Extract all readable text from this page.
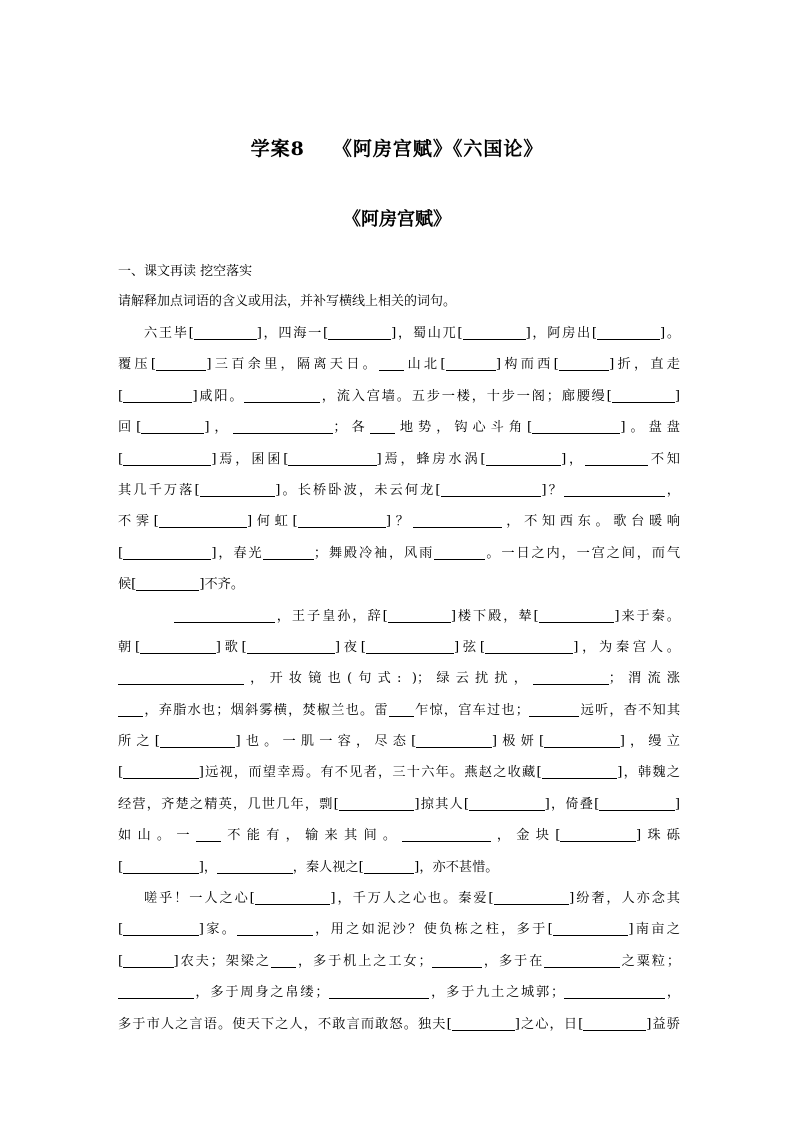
学案8 《阿房宫赋》《六国论》
《阿房宫赋》
一、课文再读 挖空落实
请解释加点词语的含义或用法，并补写横线上相关的词句。
六王毕[	]，四海一[	]，蜀山兀[	]，阿房出[	]。
覆压[	]三百余里，隔离天日。 山北[	]构而西[	]折，直走
[	]咸阳。	，流入宫墙。五步一楼，十步一阁；廊腰缦[	]
回[	]，	；各 地势，钩心斗角[	]。盘盘
[	]焉，囷囷[	]焉，蜂房水涡[	]，	不知
其几千万落[	]。长桥卧波，未云何龙[	]？	，
不霁[	]何虹[	]？	，不知西东。歌台暖响
[	]，春光	；舞殿冷袖，风雨	。一日之内，一宫之间，而气
候[	]不齐。
，王子皇孙，辞[	]楼下殿，辇[	]来于秦。
朝[	]歌[	]夜[	]弦[	]，为秦宫人。
，开妆镜也(句式: )；绿云扰扰，	；渭流涨
，弃脂水也；烟斜雾横，焚椒兰也。雷 乍惊，宫车过也；	远听，杳不知其
所之[	]也。一肌一容，尽态[	]极妍[	]，缦立
[	]远视，而望幸焉。有不见者，三十六年。燕赵之收藏[	]，韩魏之
经营，齐楚之精英，几世几年，剽[	]掠其人[	]，倚叠[	]
如山。一 不能有，输来其间。	，金块[	]珠砾
[	]，	，秦人视之[	]，亦不甚惜。
嗟乎！一人之心[	]，千万人之心也。秦爱[	]纷奢，人亦念其
[	]家。	，用之如泥沙？使负栋之柱，多于[	]南亩之
[	]农夫；架梁之 ，多于机上之工女；	，多于在	之粟粒；
，多于周身之帛缕；	，多于九土之城郭；	，
多于市人之言语。使天下之人，不敢言而敢怒。独夫[	]之心，日[	]益骄
